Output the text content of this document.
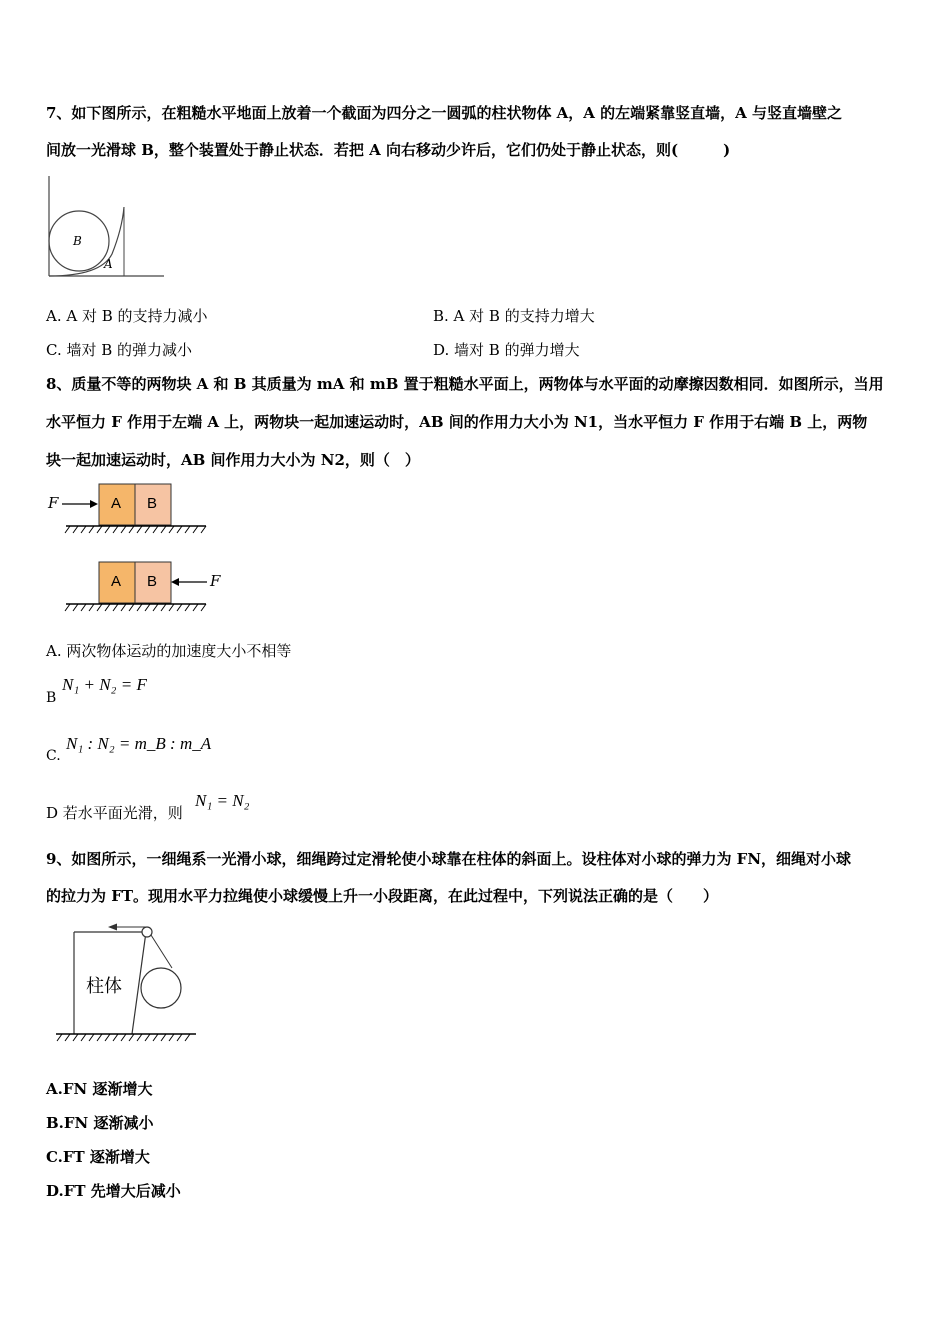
7、如下图所示，在粗糙水平地面上放着一个截面为四分之一圆弧的柱状物体 A，A 的左端紧靠竖直墙，A 与竖直墙壁之
间放一光滑球 B，整个装置处于静止状态．若把 A 向右移动少许后，它们仍处于静止状态，则(　　　)
B
A
A. A 对 B 的支持力减小	B. A 对 B 的支持力增大
C. 墙对 B 的弹力减小	D. 墙对 B 的弹力增大
8、质量不等的两物块 A 和 B 其质量为 mA 和 mB 置于粗糙水平面上，两物体与水平面的动摩擦因数相同．如图所示，当用
水平恒力 F 作用于左端 A 上，两物块一起加速运动时，AB 间的作用力大小为 N1，当水平恒力 F 作用于右端 B 上，两物
块一起加速运动时，AB 间作用力大小为 N2，则（　）
F	A B
A B	F
A. 两次物体运动的加速度大小不相等
B
N₁ + N₂ = F
C.
N₁ : N₂ = m_B : m_A
D 若水平面光滑，则
N₁ = N₂
9、如图所示，一细绳系一光滑小球，细绳跨过定滑轮使小球靠在柱体的斜面上。设柱体对小球的弹力为 FN，细绳对小球
的拉力为 FT。现用水平力拉绳使小球缓慢上升一小段距离，在此过程中，下列说法正确的是（　　）
柱体
A.FN 逐渐增大
B.FN 逐渐减小
C.FT 逐渐增大
D.FT 先增大后减小
